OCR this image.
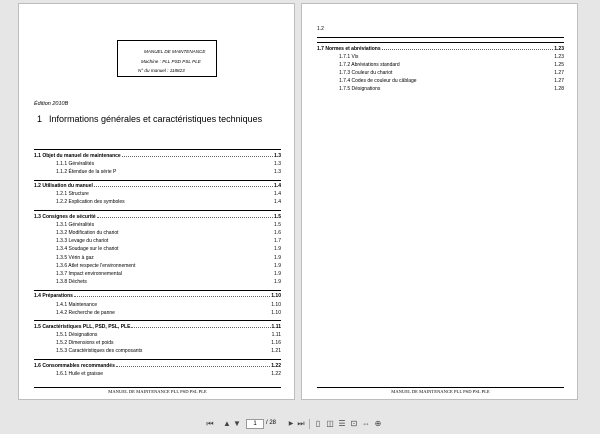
MANUEL DE MAINTENANCE
Machine : PLL PSD PSL PLE
N° du manuel : 118823
Édition 2010B
1 Informations générales et caractéristiques techniques
1.1 Objet du manuel de maintenance	1.3
1.1.1 Généralités	1.3
1.1.2 Étendue de la série P	1.3
1.2 Utilisation du manuel	1.4
1.2.1 Structure	1.4
1.2.2 Explication des symboles	1.4
1.3 Consignes de sécurité	1.5
1.3.1 Généralités	1.5
1.3.2 Modification du chariot	1.6
1.3.3 Levage du chariot	1.7
1.3.4 Soudage sur le chariot	1.9
1.3.5 Vérin à gaz	1.9
1.3.6 Atlet respecte l'environnement	1.9
1.3.7 Impact environnemental	1.9
1.3.8 Déchets	1.9
1.4 Préparations	1.10
1.4.1 Maintenance	1.10
1.4.2 Recherche de panne	1.10
1.5 Caractéristiques PLL, PSD, PSL, PLE	1.11
1.5.1 Désignations	1.11
1.5.2 Dimensions et poids	1.16
1.5.3 Caractéristiques des composants	1.21
1.6 Consommables recommandés	1.22
1.6.1 Huile et graisse	1.22
MANUEL DE MAINTENANCE PLL PSD PSL PLE
1.2
1.7 Normes et abréviations	1.23
1.7.1 Vis	1.23
1.7.2 Abréviations standard	1.25
1.7.3 Couleur du chariot	1.27
1.7.4 Codes de couleur du câblage	1.27
1.7.5 Désignations	1.28
MANUEL DE MAINTENANCE PLL PSD PSL PLE
⏮ ▲ ▼	1	/ 28	▶ ⏭	▯ ◫ ☰ ⊡ ⇔ ⊕
